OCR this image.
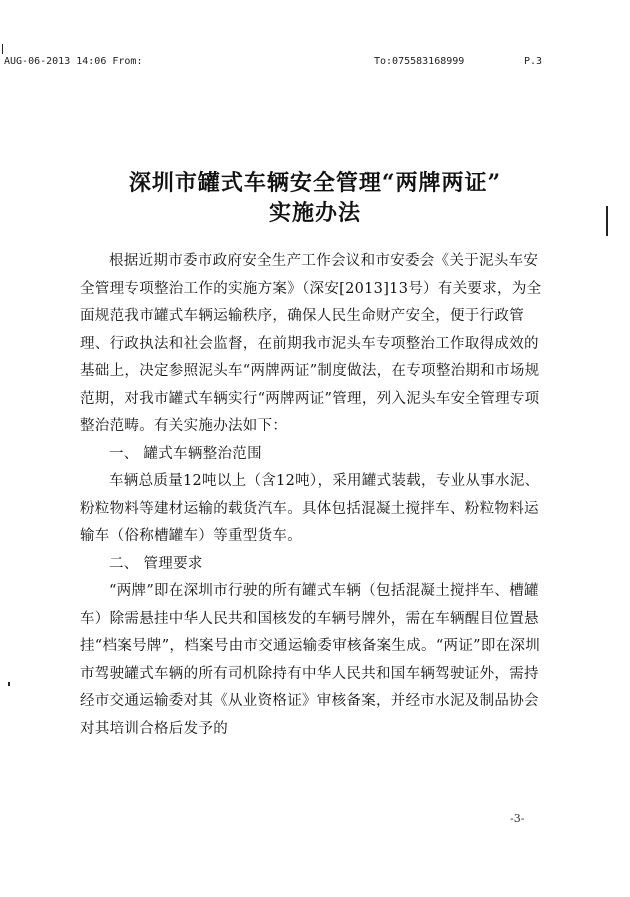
AUG-06-2013 14:06 From:	To:075583168999	P.3
深圳市罐式车辆安全管理“两牌两证”
实施办法

根据近期市委市政府安全生产工作会议和市安委会《关于泥头车安全管理专项整治工作的实施方案》（深安[2013]13号）有关要求，为全面规范我市罐式车辆运输秩序，确保人民生命财产安全，便于行政管理、行政执法和社会监督，在前期我市泥头车专项整治工作取得成效的基础上，决定参照泥头车“两牌两证”制度做法，在专项整治期和市场规范期，对我市罐式车辆实行“两牌两证”管理，列入泥头车安全管理专项整治范畴。有关实施办法如下：

一、 罐式车辆整治范围

车辆总质量12吨以上（含12吨），采用罐式装载，专业从事水泥、粉粒物料等建材运输的载货汽车。具体包括混凝土搅拌车、粉粒物料运输车（俗称槽罐车）等重型货车。

二、 管理要求

“两牌”即在深圳市行驶的所有罐式车辆（包括混凝土搅拌车、槽罐车）除需悬挂中华人民共和国核发的车辆号牌外，需在车辆醒目位置悬挂“档案号牌”，档案号由市交通运输委审核备案生成。“两证”即在深圳市驾驶罐式车辆的所有司机除持有中华人民共和国车辆驾驶证外，需持经市交通运输委对其《从业资格证》审核备案，并经市水泥及制品协会对其培训合格后发予的

-3-
